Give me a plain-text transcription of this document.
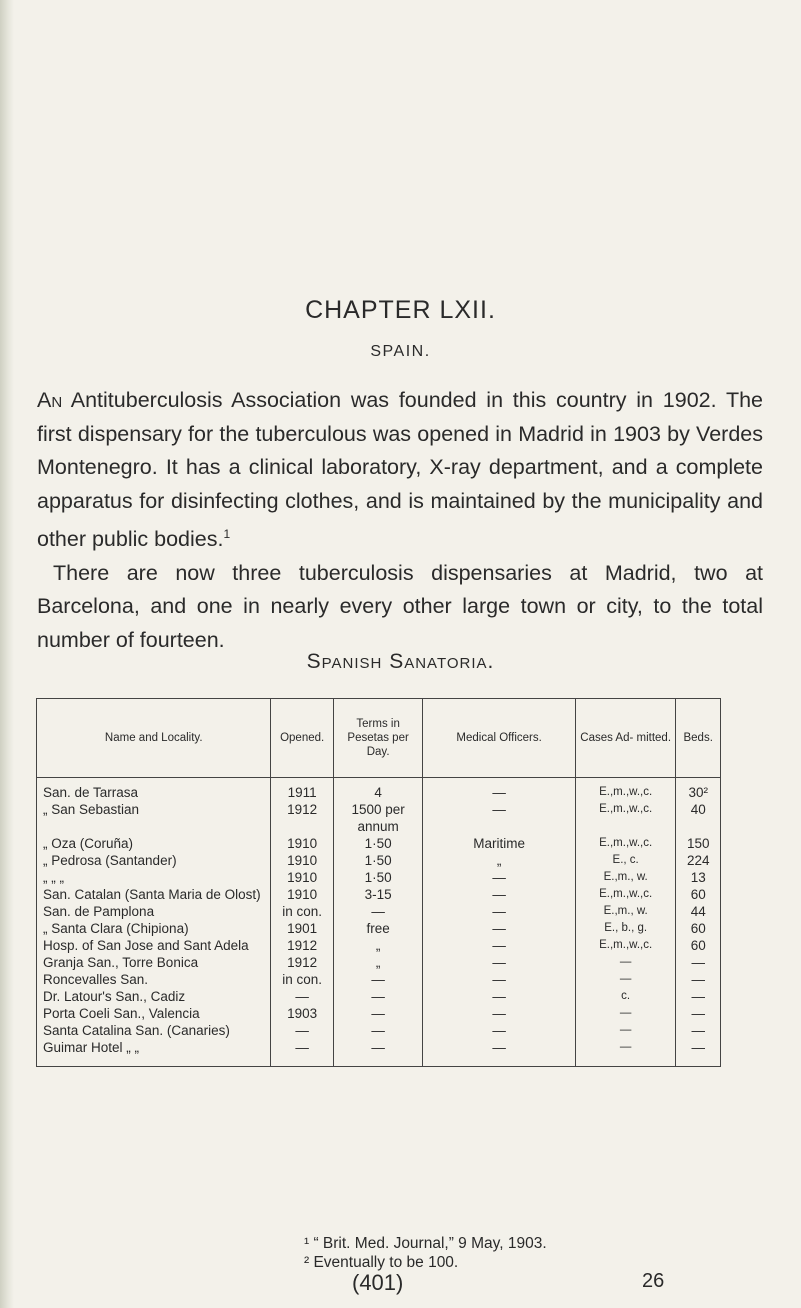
CHAPTER LXII.
SPAIN.

An Antituberculosis Association was founded in this country in 1902. The first dispensary for the tuberculous was opened in Madrid in 1903 by Verdes Montenegro. It has a clinical laboratory, X-ray department, and a complete apparatus for disinfecting clothes, and is maintained by the municipality and other public bodies.$^1$

There are now three tuberculosis dispensaries at Madrid, two at Barcelona, and one in nearly every other large town or city, to the total number of fourteen.

Spanish Sanatoria.
Name and Locality.	Opened.	Terms in Pesetas per Day.	Medical Officers.	Cases Ad- mitted.	Beds.
San. de Tarrasa	1911	4	—	E.,m.,w.,c.	30²
„ San Sebastian	1912	1500 per annum	—	E.,m.,w.,c.	40
„ Oza (Coruña)	1910	1·50	Maritime	E.,m.,w.,c.	150
„ Pedrosa (Santander)	1910	1·50	„	E., c.	224
„ „ „	1910	1·50	—	E.,m., w.	13
San. Catalan (Santa Maria de Olost)	1910	3-15	—	E.,m.,w.,c.	60
San. de Pamplona	in con.	—	—	E.,m., w.	44
„ Santa Clara (Chipiona)	1901	free	—	E., b., g.	60
Hosp. of San Jose and Sant Adela	1912	„	—	E.,m.,w.,c.	60
Granja San., Torre Bonica	1912	„	—	—	—
Roncevalles San.	in con.	—	—	—	—
Dr. Latour's San., Cadiz	—	—	—	c.	—
Porta Coeli San., Valencia	1903	—	—	—	—
Santa Catalina San. (Canaries)	—	—	—	—	—
Guimar Hotel „ „	—	—	—	—	—
¹ “ Brit. Med. Journal,” 9 May, 1903.
² Eventually to be 100.
(401)	26
